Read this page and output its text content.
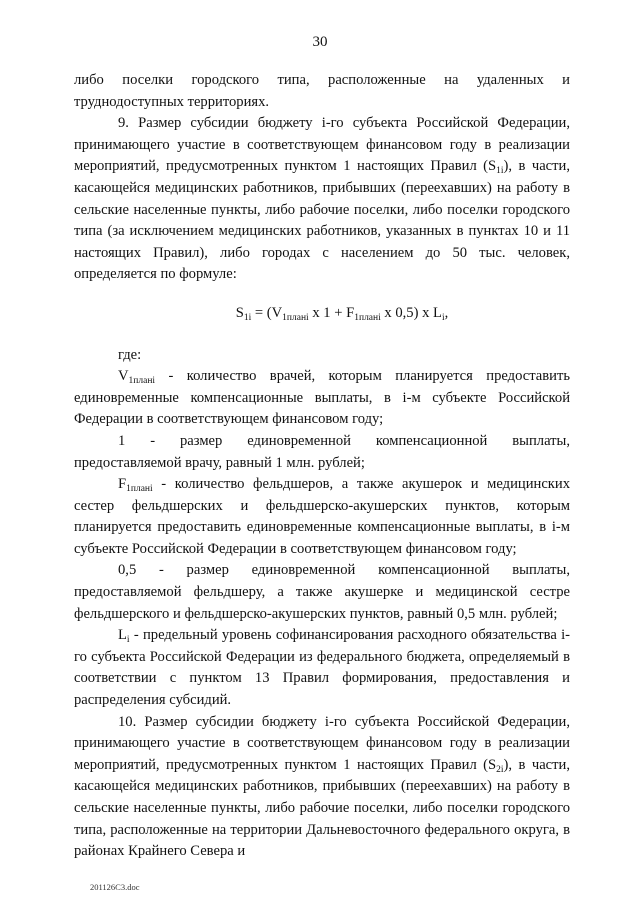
30

либо поселки городского типа, расположенные на удаленных и труднодоступных территориях.

9. Размер субсидии бюджету i-го субъекта Российской Федерации, принимающего участие в соответствующем финансовом году в реализации мероприятий, предусмотренных пунктом 1 настоящих Правил $(S_{1i})$, в части, касающейся медицинских работников, прибывших (переехавших) на работу в сельские населенные пункты, либо рабочие поселки, либо поселки городского типа (за исключением медицинских работников, указанных в пунктах 10 и 11 настоящих Правил), либо городах с населением до 50 тыс. человек, определяется по формуле:

$S_{1i} = (V_{1планi}$ x $1 + F_{1планi}$ x 0,5) x $L_i$,

где:

$V_{1планi}$ - количество врачей, которым планируется предоставить единовременные компенсационные выплаты, в i-м субъекте Российской Федерации в соответствующем финансовом году;

1 - размер единовременной компенсационной выплаты, предоставляемой врачу, равный 1 млн. рублей;

$F_{1планi}$ - количество фельдшеров, а также акушерок и медицинских сестер фельдшерских и фельдшерско-акушерских пунктов, которым планируется предоставить единовременные компенсационные выплаты, в i-м субъекте Российской Федерации в соответствующем финансовом году;

0,5 - размер единовременной компенсационной выплаты, предоставляемой фельдшеру, а также акушерке и медицинской сестре фельдшерского и фельдшерско-акушерских пунктов, равный 0,5 млн. рублей;

$L_i$ - предельный уровень софинансирования расходного обязательства i-го субъекта Российской Федерации из федерального бюджета, определяемый в соответствии с пунктом 13 Правил формирования, предоставления и распределения субсидий.

10. Размер субсидии бюджету i-го субъекта Российской Федерации, принимающего участие в соответствующем финансовом году в реализации мероприятий, предусмотренных пунктом 1 настоящих Правил $(S_{2i})$, в части, касающейся медицинских работников, прибывших (переехавших) на работу в сельские населенные пункты, либо рабочие поселки, либо поселки городского типа, расположенные на территории Дальневосточного федерального округа, в районах Крайнего Севера и

201126C3.doc
